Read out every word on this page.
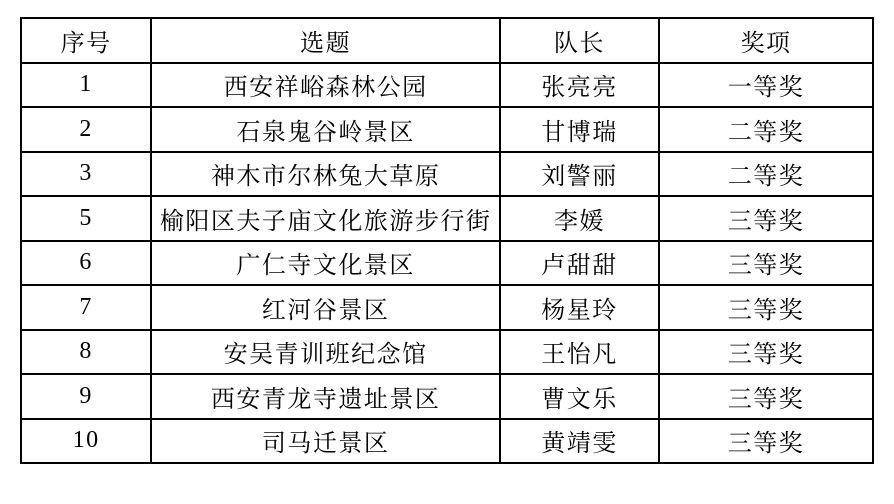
序号	选题	队长	奖项
1	西安祥峪森林公园	张亮亮	一等奖
2	石泉鬼谷岭景区	甘博瑞	二等奖
3	神木市尔林兔大草原	刘警丽	二等奖
5	榆阳区夫子庙文化旅游步行街	李媛	三等奖
6	广仁寺文化景区	卢甜甜	三等奖
7	红河谷景区	杨星玲	三等奖
8	安吴青训班纪念馆	王怡凡	三等奖
9	西安青龙寺遗址景区	曹文乐	三等奖
10	司马迁景区	黄靖雯	三等奖
